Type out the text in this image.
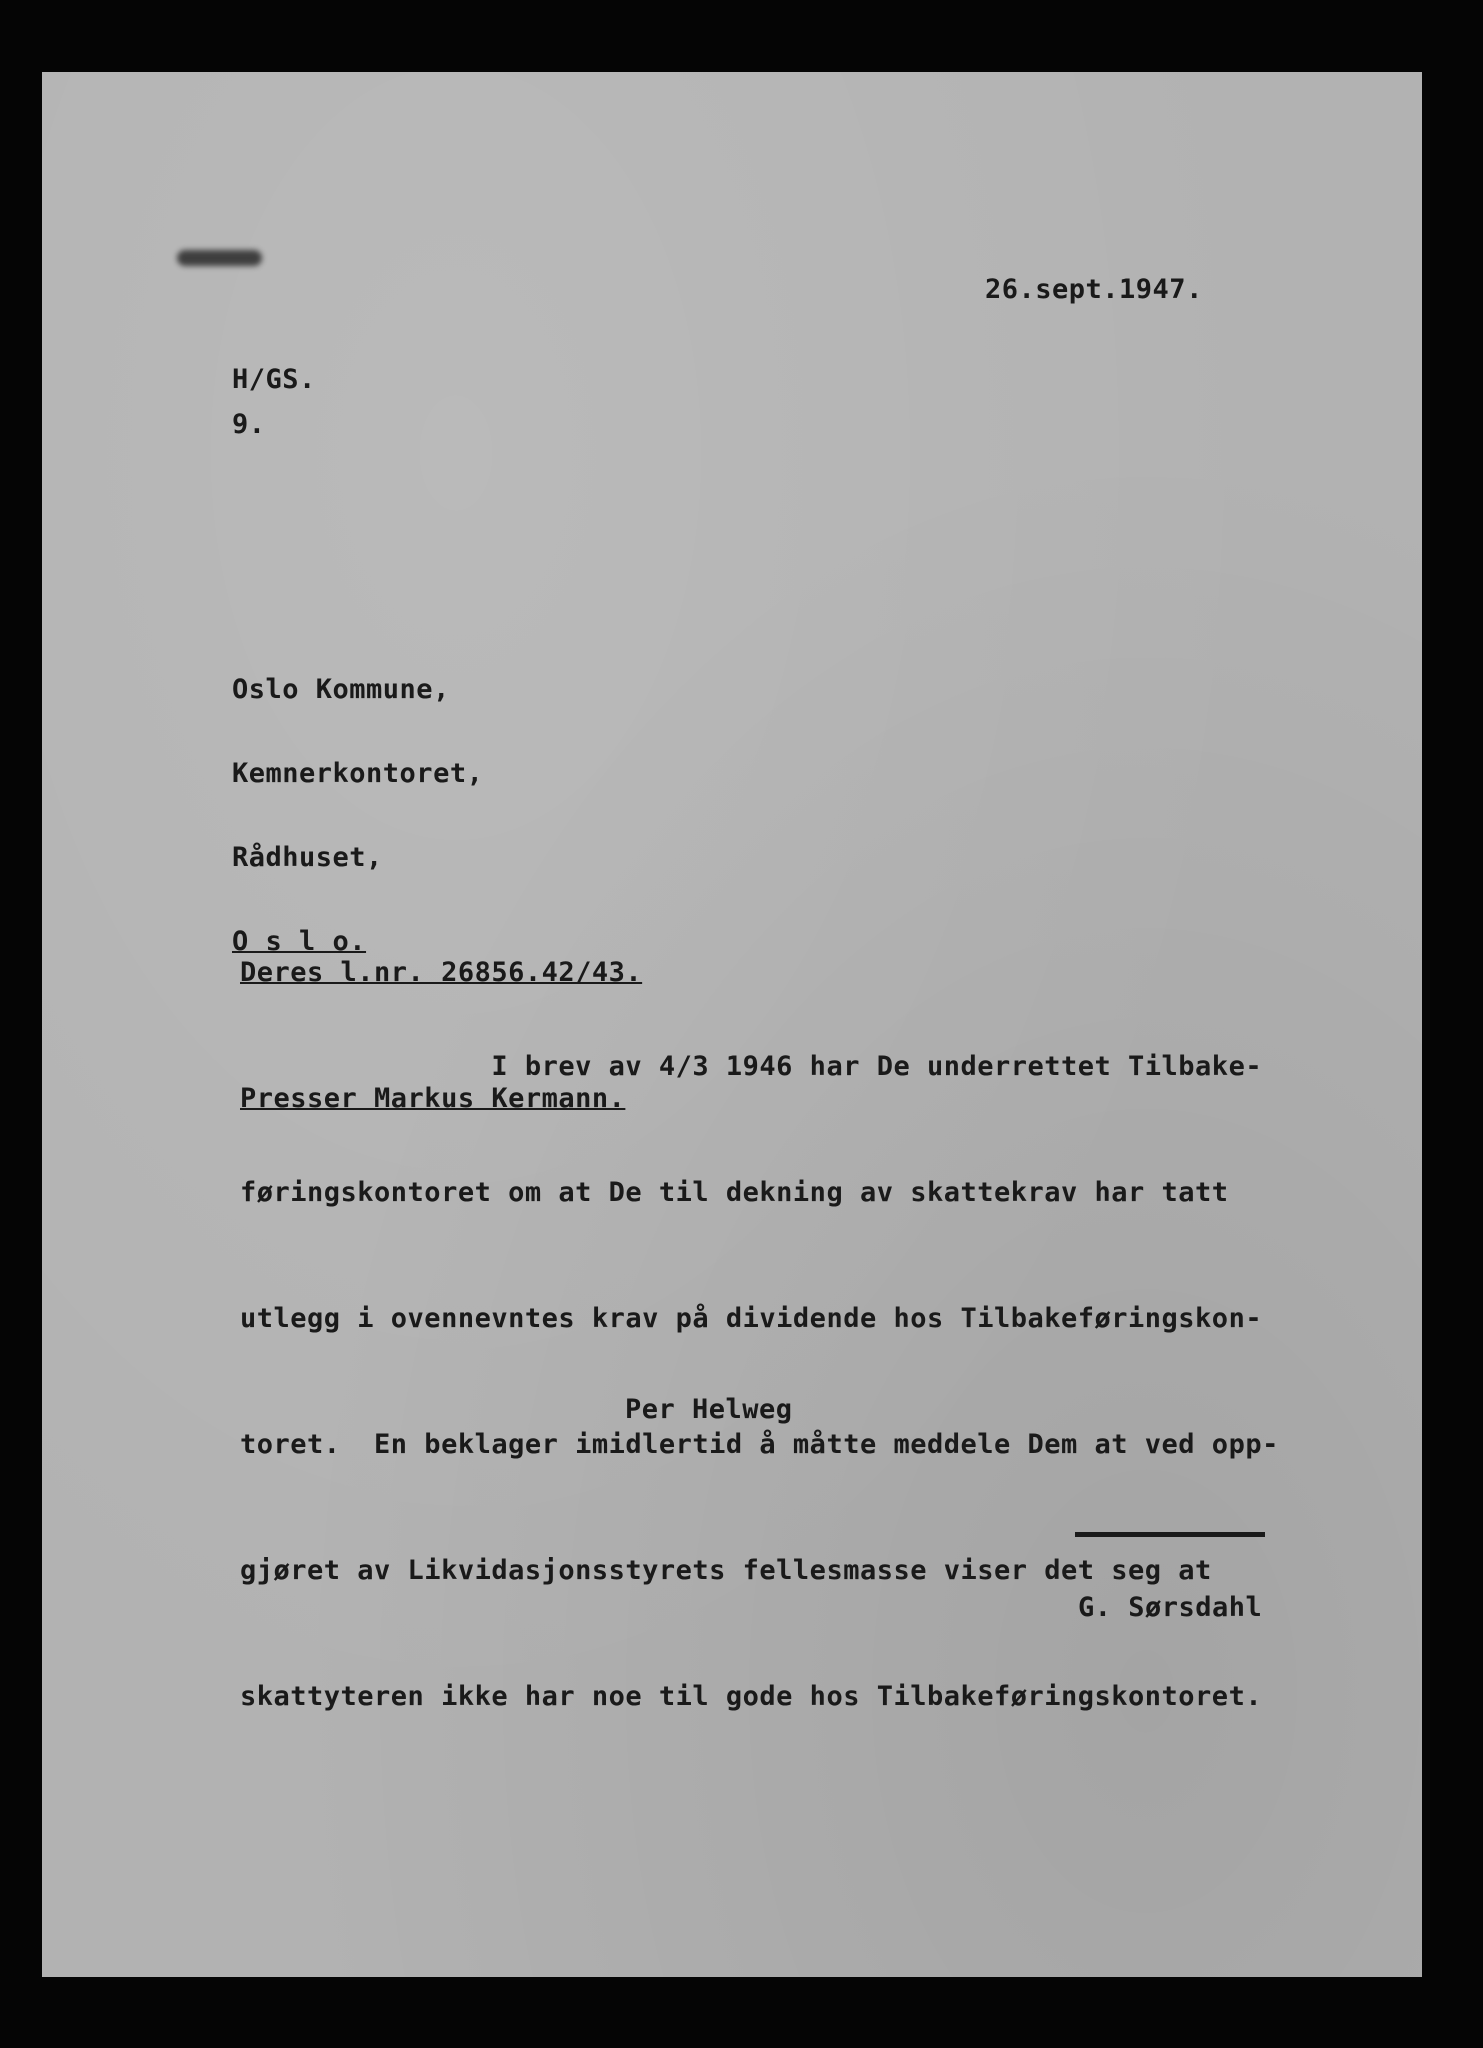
26.sept.1947.
H/GS.
9.

Oslo Kommune,

Kemnerkontoret,

Rådhuset,

O s l o.

Deres l.nr. 26856.42/43.

Presser Markus Kermann.

I brev av 4/3 1946 har De underrettet Tilbake-

føringskontoret om at De til dekning av skattekrav har tatt

utlegg i ovennevntes krav på dividende hos Tilbakeføringskon-

toret.  En beklager imidlertid å måtte meddele Dem at ved opp-

gjøret av Likvidasjonsstyrets fellesmasse viser det seg at

skattyteren ikke har noe til gode hos Tilbakeføringskontoret.

Per Helweg
G. Sørsdahl
